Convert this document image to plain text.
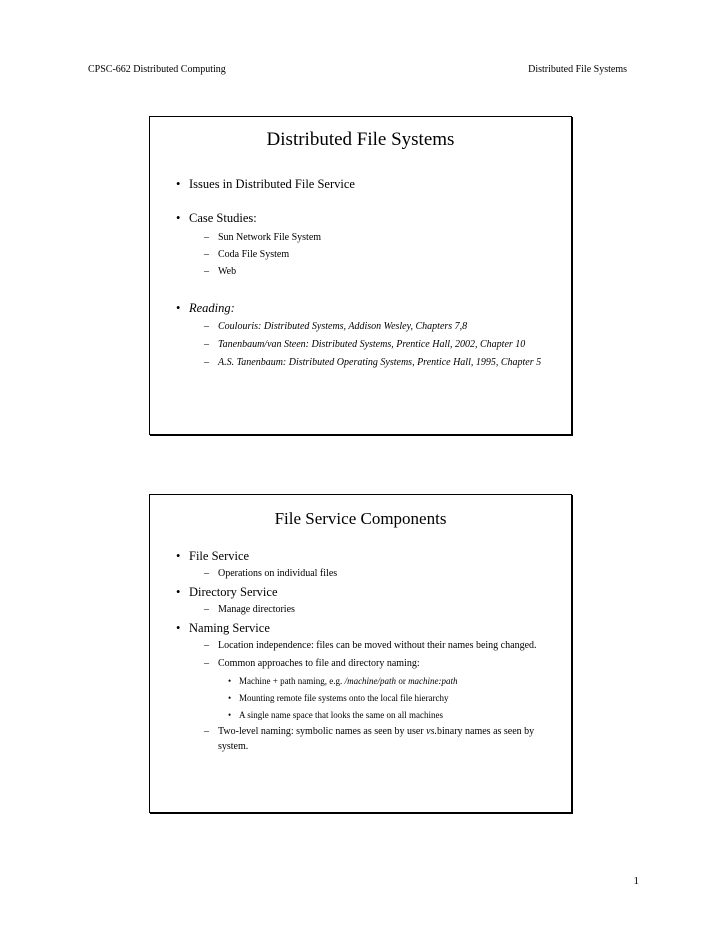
CPSC-662 Distributed Computing	Distributed File Systems
Distributed File Systems
• Issues in Distributed File Service
• Case Studies:
– Sun Network File System
– Coda File System
– Web
• Reading:
– Coulouris: Distributed Systems, Addison Wesley, Chapters 7,8
– Tanenbaum/van Steen: Distributed Systems, Prentice Hall, 2002, Chapter 10
– A.S. Tanenbaum: Distributed Operating Systems, Prentice Hall, 1995, Chapter 5
File Service Components
• File Service
– Operations on individual files
• Directory Service
– Manage directories
• Naming Service
– Location independence: files can be moved without their names being changed.
– Common approaches to file and directory naming:
• Machine + path naming, e.g. /machine/path or machine:path
• Mounting remote file systems onto the local file hierarchy
• A single name space that looks the same on all machines
– Two-level naming: symbolic names as seen by user vs.binary names as seen by system.
1
